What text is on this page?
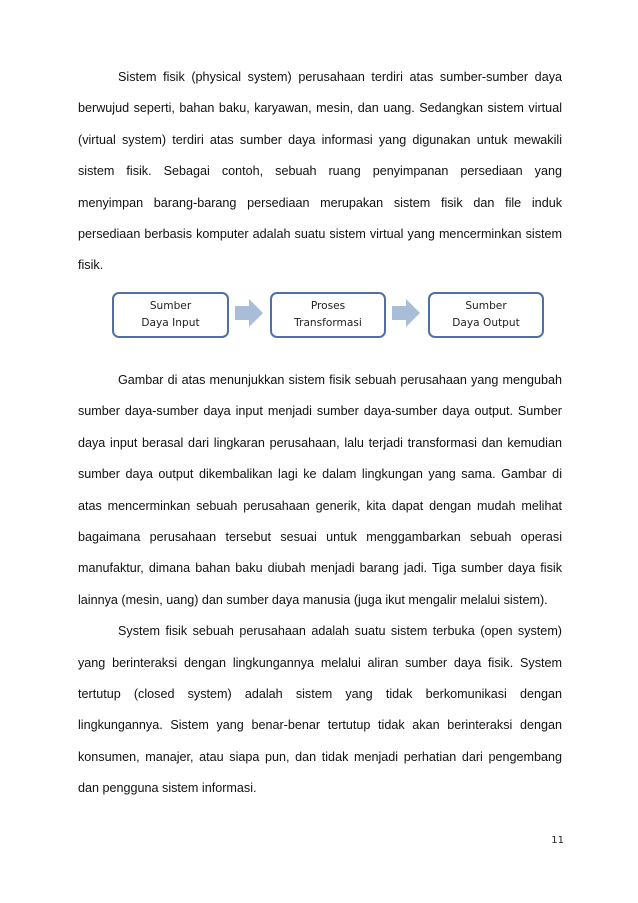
Sistem fisik (physical system) perusahaan terdiri atas sumber-sumber daya berwujud seperti, bahan baku, karyawan, mesin, dan uang. Sedangkan sistem virtual (virtual system) terdiri atas sumber daya informasi yang digunakan untuk mewakili sistem fisik. Sebagai contoh, sebuah ruang penyimpanan persediaan yang menyimpan barang-barang persediaan merupakan sistem fisik dan file induk persediaan berbasis komputer adalah suatu sistem virtual yang mencerminkan sistem fisik.

Sumber
Daya Input
Proses
Transformasi
Sumber
Daya Output

Gambar di atas menunjukkan sistem fisik sebuah perusahaan yang mengubah sumber daya-sumber daya input menjadi sumber daya-sumber daya output. Sumber daya input berasal dari lingkaran perusahaan, lalu terjadi transformasi dan kemudian sumber daya output dikembalikan lagi ke dalam lingkungan yang sama. Gambar di atas mencerminkan sebuah perusahaan generik, kita dapat dengan mudah melihat bagaimana perusahaan tersebut sesuai untuk menggambarkan sebuah operasi manufaktur, dimana bahan baku diubah menjadi barang jadi. Tiga sumber daya fisik lainnya (mesin, uang) dan sumber daya manusia (juga ikut mengalir melalui sistem).

System fisik sebuah perusahaan adalah suatu sistem terbuka (open system) yang berinteraksi dengan lingkungannya melalui aliran sumber daya fisik. System tertutup (closed system) adalah sistem yang tidak berkomunikasi dengan lingkungannya. Sistem yang benar-benar tertutup tidak akan berinteraksi dengan konsumen, manajer, atau siapa pun, dan tidak menjadi perhatian dari pengembang dan pengguna sistem informasi.

11
